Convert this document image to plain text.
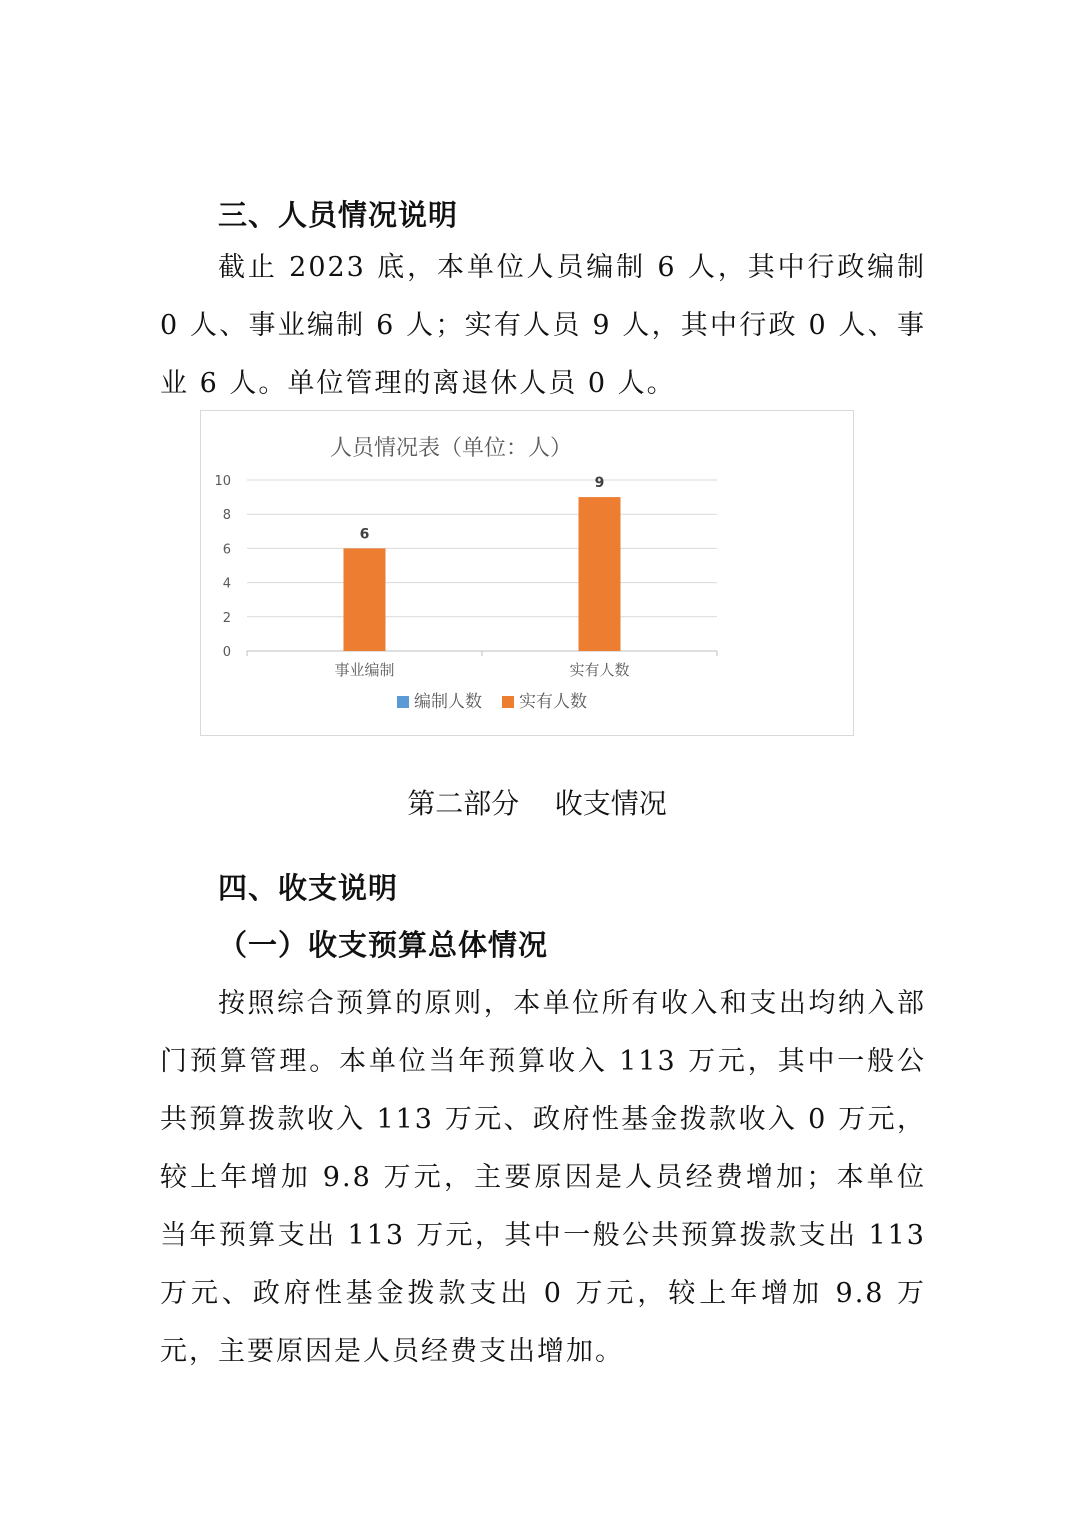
三、人员情况说明

截止 2023 底，本单位人员编制 6 人，其中行政编制 0 人、事业编制 6 人；实有人员 9 人，其中行政 0 人、事业 6 人。单位管理的离退休人员 0 人。

人员情况表（单位：人）
0
2
4
6
8
10
6
9
事业编制	实有人数
编制人数 实有人数
第二部分    收支情况
四、收支说明
（一）收支预算总体情况

按照综合预算的原则，本单位所有收入和支出均纳入部门预算管理。本单位当年预算收入 113 万元，其中一般公共预算拨款收入 113 万元、政府性基金拨款收入 0 万元，较上年增加 9.8 万元，主要原因是人员经费增加；本单位当年预算支出 113 万元，其中一般公共预算拨款支出 113 万元、政府性基金拨款支出 0 万元，较上年增加 9.8 万元，主要原因是人员经费支出增加。
